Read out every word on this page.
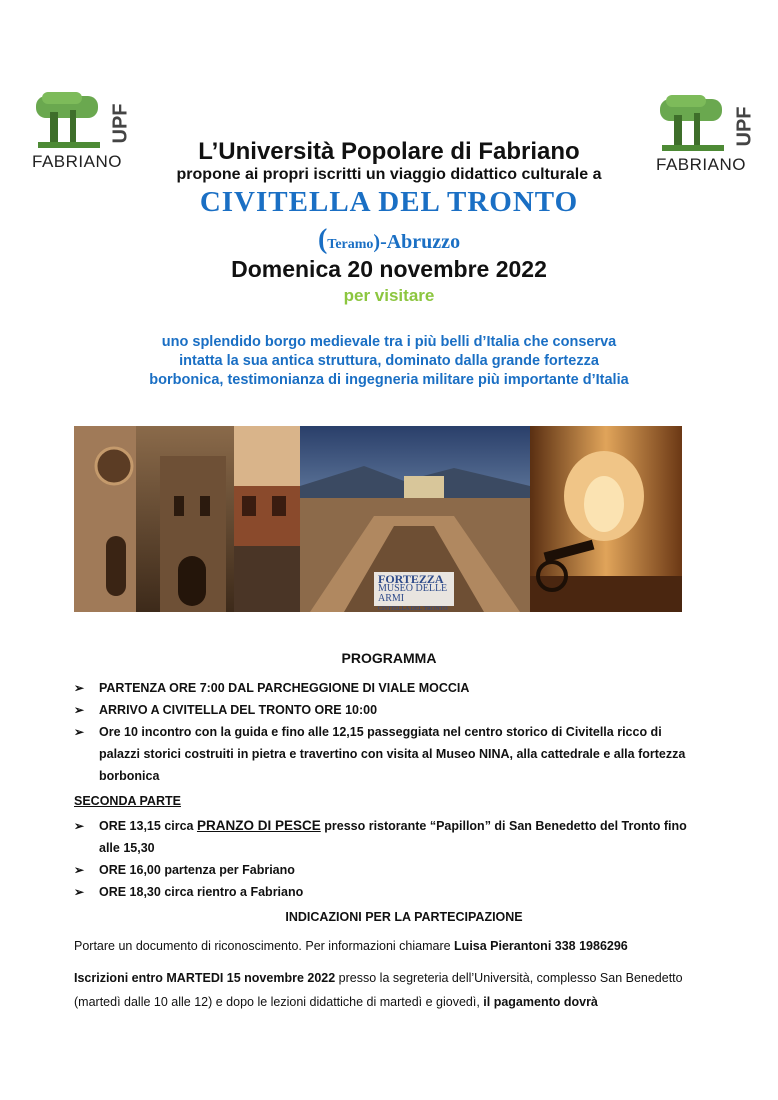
UPF
FABRIANO
UPF
FABRIANO
L’Università Popolare di Fabriano
propone ai propri iscritti un viaggio didattico culturale a
CIVITELLA DEL TRONTO
(Teramo)-Abruzzo
Domenica 20 novembre 2022
per visitare
uno splendido borgo medievale tra i più belli d’Italia che conserva
intatta la sua antica struttura, dominato dalla grande fortezza
borbonica, testimonianza di ingegneria militare più importante d’Italia
FORTEZZA
MUSEO DELLE ARMI
CIVITELLA DEL TRONTO
PROGRAMMA
➢ PARTENZA ORE 7:00 DAL PARCHEGGIONE DI VIALE MOCCIA
➢ ARRIVO A CIVITELLA DEL TRONTO ORE 10:00
➢ Ore 10 incontro con la guida e fino alle 12,15 passeggiata nel centro storico di Civitella ricco di palazzi storici costruiti in pietra e travertino con visita al Museo NINA, alla cattedrale e alla fortezza borbonica
SECONDA PARTE
➢ ORE 13,15 circa PRANZO DI PESCE presso ristorante “Papillon” di San Benedetto del Tronto fino alle 15,30
➢ ORE 16,00 partenza per Fabriano
➢ ORE 18,30 circa rientro a Fabriano
INDICAZIONI PER LA PARTECIPAZIONE
Portare un documento di riconoscimento. Per informazioni chiamare Luisa Pierantoni 338 1986296
Iscrizioni entro MARTEDI 15 novembre 2022 presso la segreteria dell’Università, complesso San Benedetto (martedì dalle 10 alle 12) e dopo le lezioni didattiche di martedì e giovedì, il pagamento dovrà
